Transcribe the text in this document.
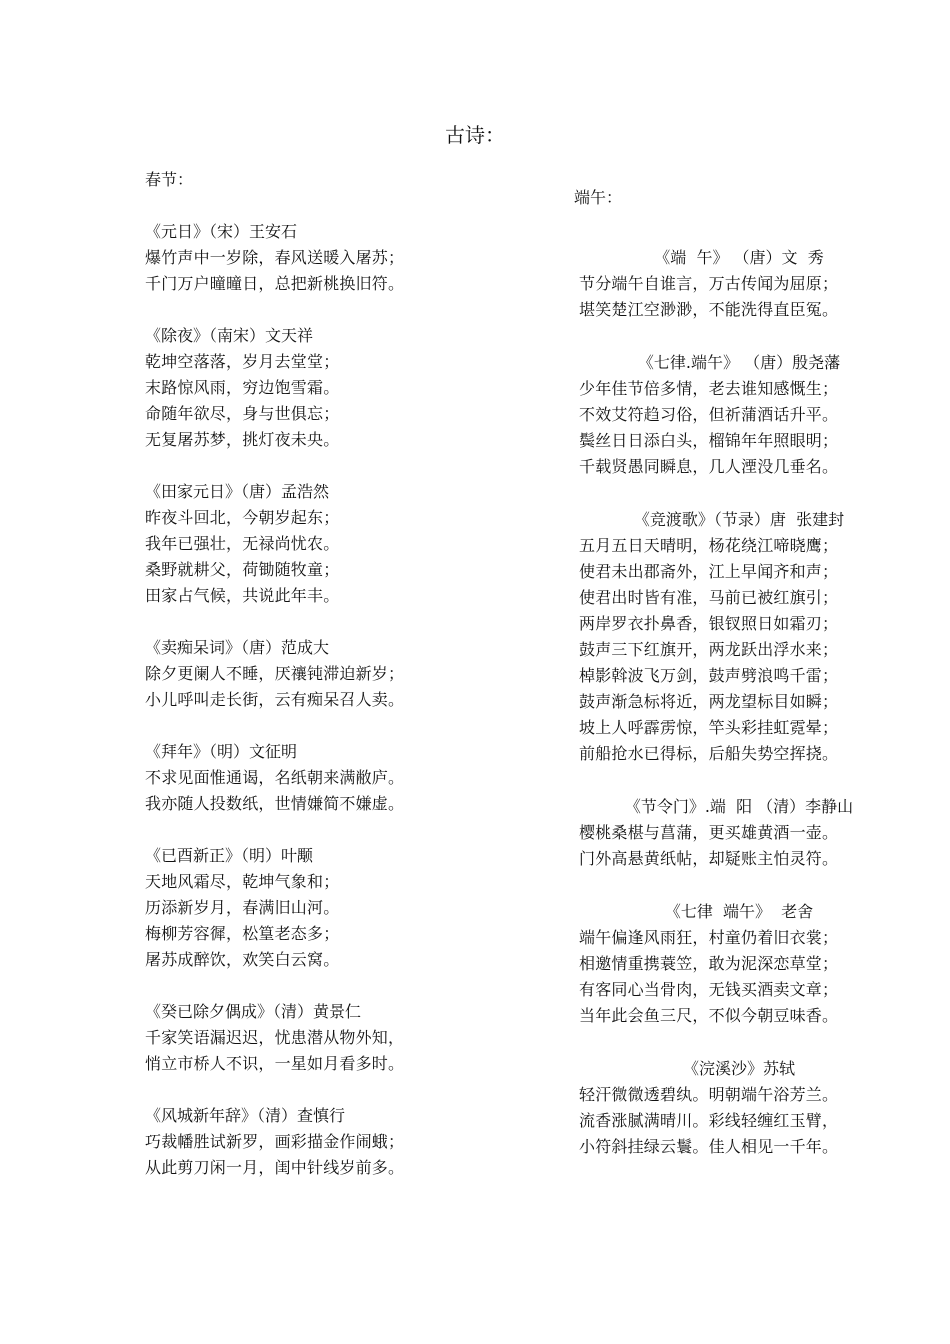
古诗：
春节：
《元日》（宋）王安石
爆竹声中一岁除，春风送暖入屠苏；
千门万户曈曈日，总把新桃换旧符。
《除夜》（南宋）文天祥
乾坤空落落，岁月去堂堂；
末路惊风雨，穷边饱雪霜。
命随年欲尽，身与世俱忘；
无复屠苏梦，挑灯夜未央。
《田家元日》（唐）孟浩然
昨夜斗回北，今朝岁起东；
我年已强壮，无禄尚忧农。
桑野就耕父，荷锄随牧童；
田家占气候，共说此年丰。
《卖痴呆词》（唐）范成大
除夕更阑人不睡，厌禳钝滞迫新岁；
小儿呼叫走长街，云有痴呆召人卖。
《拜年》（明）文征明
不求见面惟通谒，名纸朝来满敝庐。
我亦随人投数纸，世情嫌简不嫌虚。
《已酉新正》（明）叶颙
天地风霜尽，乾坤气象和；
历添新岁月，春满旧山河。
梅柳芳容徲，松篁老态多；
屠苏成醉饮，欢笑白云窝。
《癸已除夕偶成》（清）黄景仁
千家笑语漏迟迟，忧患潜从物外知，
悄立市桥人不识，一星如月看多时。
《风城新年辞》（清）查慎行
巧裁幡胜试新罗，画彩描金作闹蛾；
从此剪刀闲一月，闺中针线岁前多。
端午：
《端  午》 （唐）文  秀
节分端午自谁言，万古传闻为屈原；
堪笑楚江空渺渺，不能洗得直臣冤。
《七律.端午》 （唐）殷尧藩
少年佳节倍多情，老去谁知感慨生；
不效艾符趋习俗，但祈蒲酒话升平。
鬓丝日日添白头，榴锦年年照眼明；
千载贤愚同瞬息，几人湮没几垂名。
《竞渡歌》（节录）唐  张建封
五月五日天晴明，杨花绕江啼晓鹰；
使君未出郡斋外，江上早闻齐和声；
使君出时皆有准，马前已被红旗引；
两岸罗衣扑鼻香，银钗照日如霜刃；
鼓声三下红旗开，两龙跃出浮水来；
棹影斡波飞万剑，鼓声劈浪鸣千雷；
鼓声渐急标将近，两龙望标目如瞬；
坡上人呼霹雳惊，竿头彩挂虹霓晕；
前船抢水已得标，后船失势空挥挠。
《节令门》.端  阳 （清）李静山
樱桃桑椹与菖蒲，更买雄黄酒一壶。
门外高悬黄纸帖，却疑账主怕灵符。
《七律  端午》  老舍
端午偏逢风雨狂，村童仍着旧衣裳；
相邀情重携蓑笠，敢为泥深恋草堂；
有客同心当骨肉，无钱买酒卖文章；
当年此会鱼三尺，不似今朝豆味香。
《浣溪沙》苏轼
轻汗微微透碧纨。明朝端午浴芳兰。
流香涨腻满晴川。彩线轻缠红玉臂，
小符斜挂绿云鬟。佳人相见一千年。
